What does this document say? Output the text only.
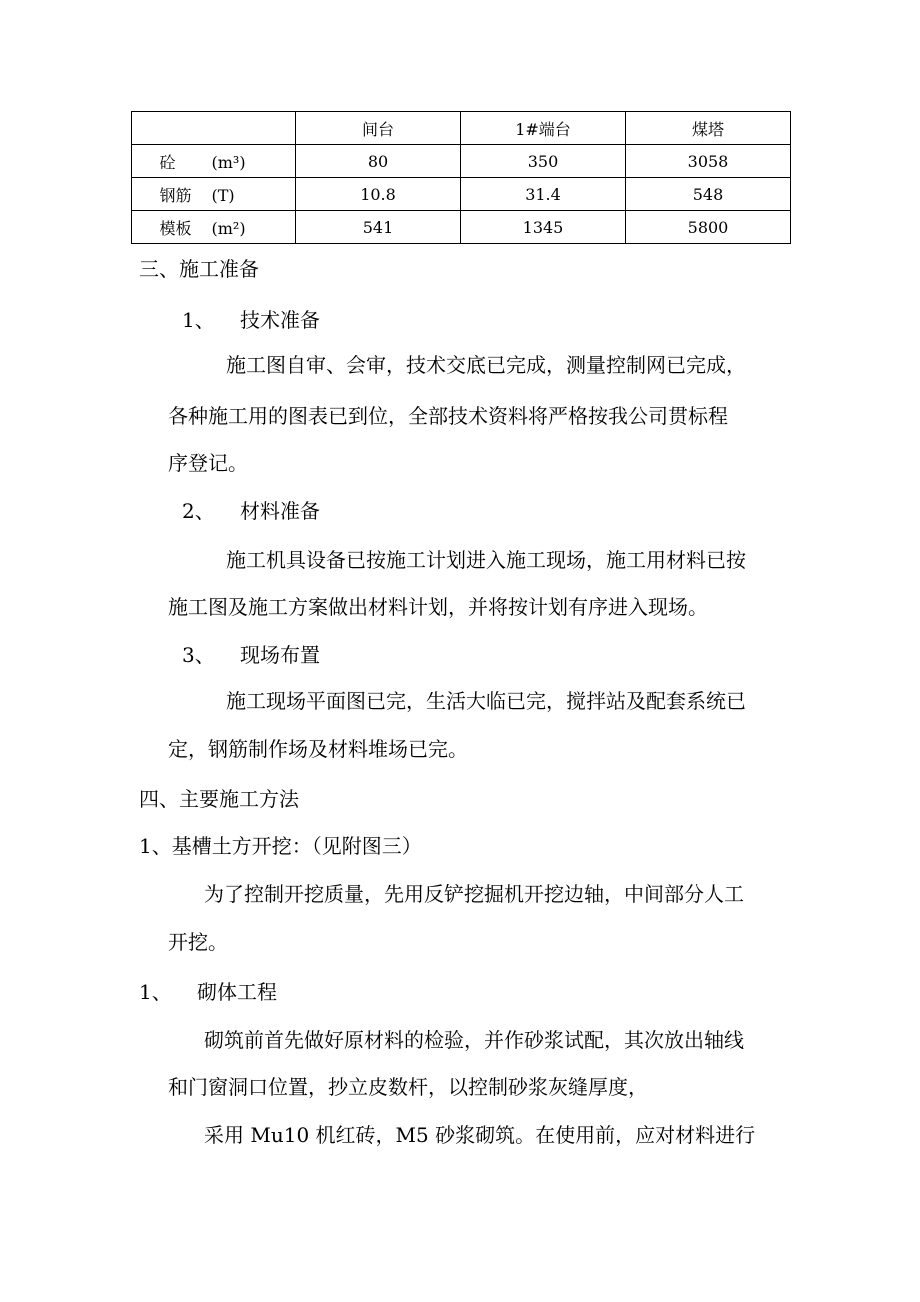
	间台	1#端台	煤塔
砼 (m³)	80	350	3058
钢筋 (T)	10.8	31.4	548
模板 (m²)	541	1345	5800
三、施工准备
1、 技术准备
施工图自审、会审，技术交底已完成，测量控制网已完成，
各种施工用的图表已到位，全部技术资料将严格按我公司贯标程
序登记。
2、 材料准备
施工机具设备已按施工计划进入施工现场，施工用材料已按
施工图及施工方案做出材料计划，并将按计划有序进入现场。
3、 现场布置
施工现场平面图已完，生活大临已完，搅拌站及配套系统已
定，钢筋制作场及材料堆场已完。
四、主要施工方法
1、基槽土方开挖：（见附图三）
为了控制开挖质量，先用反铲挖掘机开挖边轴，中间部分人工
开挖。
1、 砌体工程
砌筑前首先做好原材料的检验，并作砂浆试配，其次放出轴线
和门窗洞口位置，抄立皮数杆，以控制砂浆灰缝厚度，
采用 Mu10 机红砖，M5 砂浆砌筑。在使用前，应对材料进行
